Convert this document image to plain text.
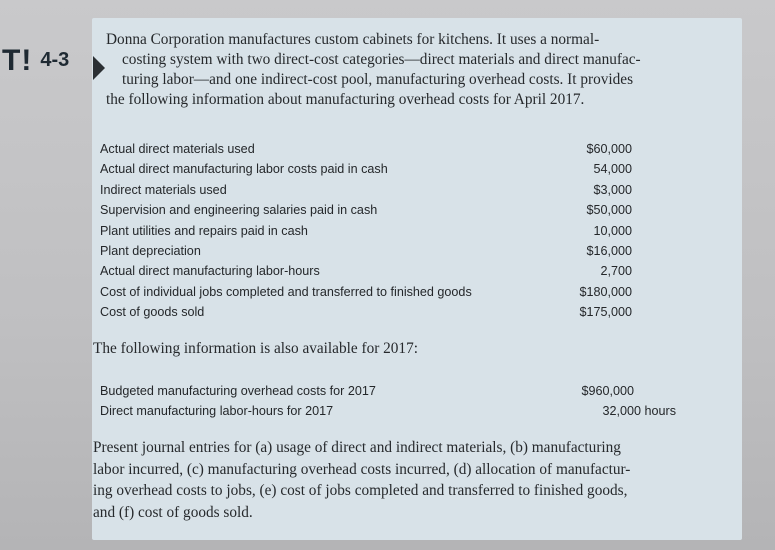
T! 4-3
Donna Corporation manufactures custom cabinets for kitchens. It uses a normal-
costing system with two direct-cost categories—direct materials and direct manufac-
turing labor—and one indirect-cost pool, manufacturing overhead costs. It provides
the following information about manufacturing overhead costs for April 2017.
Actual direct materials used
Actual direct manufacturing labor costs paid in cash
Indirect materials used
Supervision and engineering salaries paid in cash
Plant utilities and repairs paid in cash
Plant depreciation
Actual direct manufacturing labor-hours
Cost of individual jobs completed and transferred to finished goods
Cost of goods sold
$60,000
54,000
$3,000
$50,000
10,000
$16,000
2,700
$180,000
$175,000
The following information is also available for 2017:
Budgeted manufacturing overhead costs for 2017
Direct manufacturing labor-hours for 2017
$960,000
32,000 hours
Present journal entries for (a) usage of direct and indirect materials, (b) manufacturing
labor incurred, (c) manufacturing overhead costs incurred, (d) allocation of manufactur-
ing overhead costs to jobs, (e) cost of jobs completed and transferred to finished goods,
and (f) cost of goods sold.
